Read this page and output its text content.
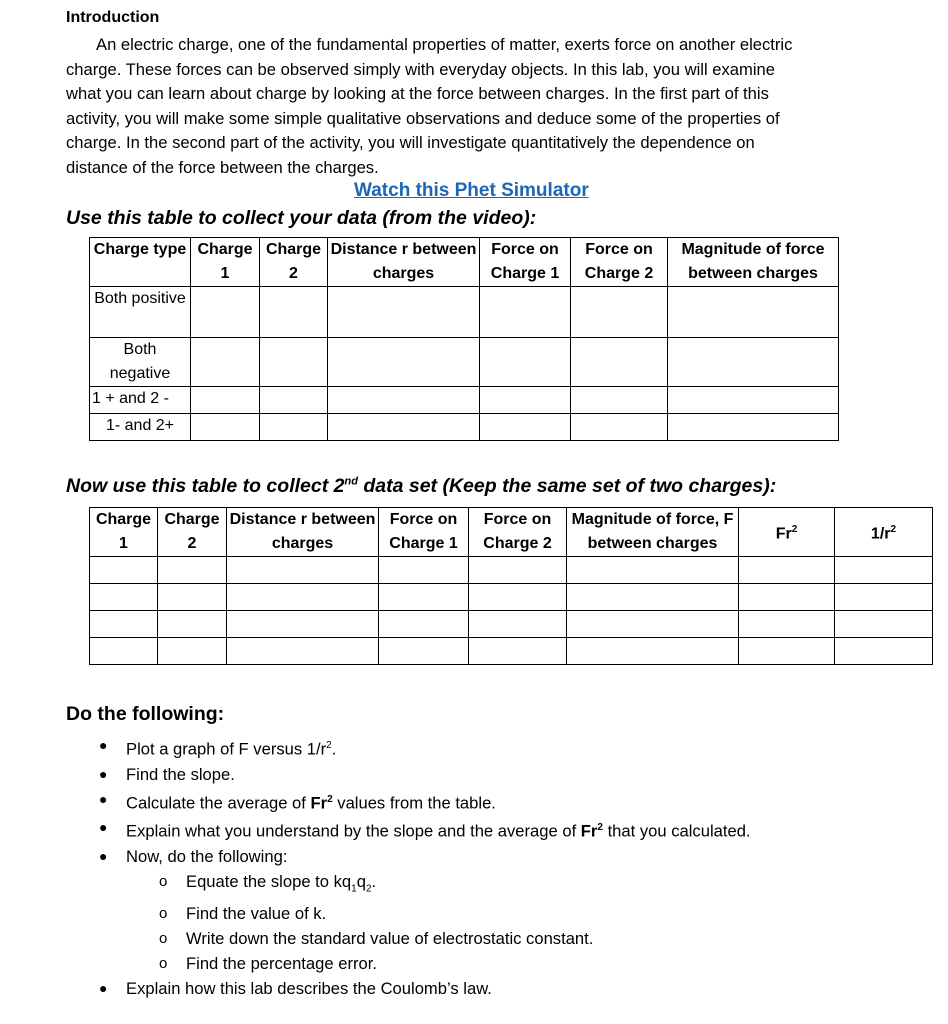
Introduction
An electric charge, one of the fundamental properties of matter, exerts force on another electric
charge. These forces can be observed simply with everyday objects. In this lab, you will examine
what you can learn about charge by looking at the force between charges. In the first part of this
activity, you will make some simple qualitative observations and deduce some of the properties of
charge. In the second part of the activity, you will investigate quantitatively the dependence on
distance of the force between the charges.
Watch this Phet Simulator
Use this table to collect your data (from the video):
Charge type	Charge 1	Charge 2	Distance r between charges	Force on Charge 1	Force on Charge 2	Magnitude of force between charges
Both positive						
Both negative						
1 + and 2 -						
1- and 2+						
Now use this table to collect 2nd data set (Keep the same set of two charges):
Charge 1	Charge 2	Distance r between charges	Force on Charge 1	Force on Charge 2	Magnitude of force, F between charges	Fr$^2$	$1/r^2$

Do the following:
● Plot a graph of F versus $1/r^2$.
● Find the slope.
● Calculate the average of Fr$^2$ values from the table.
● Explain what you understand by the slope and the average of Fr$^2$ that you calculated.
● Now, do the following:
o Equate the slope to $kq_1q_2$.
o Find the value of k.
o Write down the standard value of electrostatic constant.
o Find the percentage error.
● Explain how this lab describes the Coulomb’s law.
